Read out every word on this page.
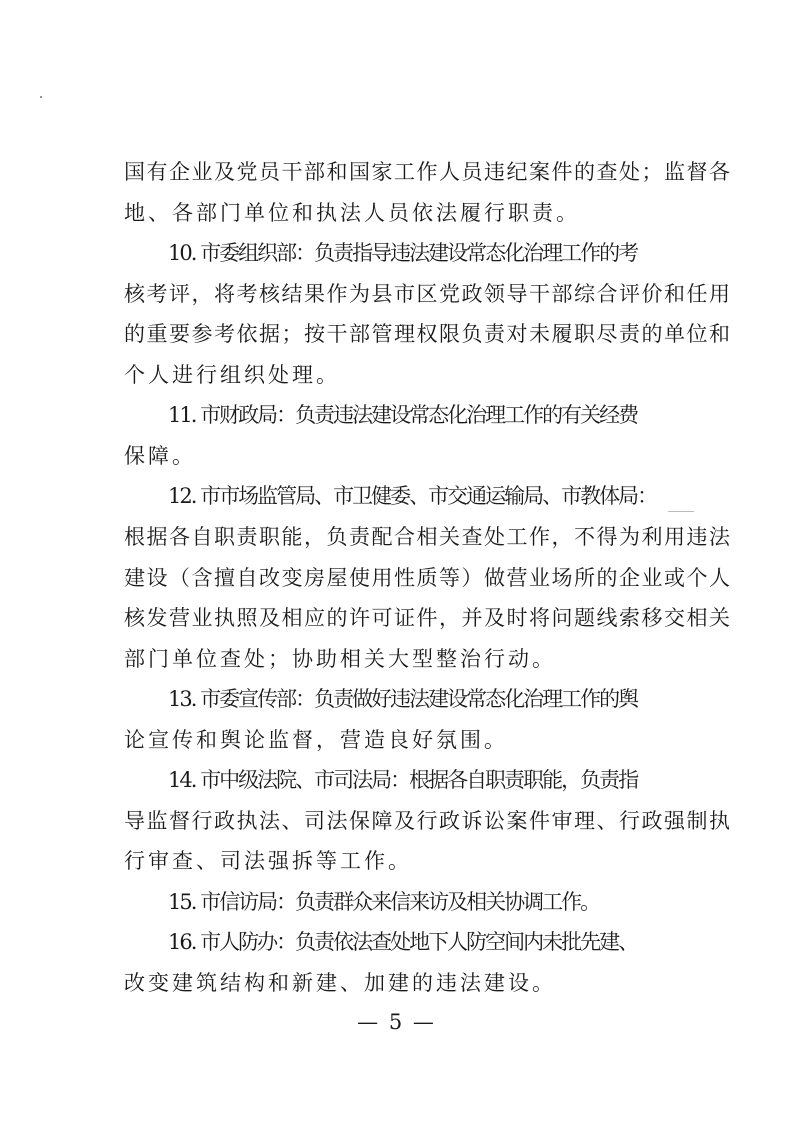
国有企业及党员干部和国家工作人员违纪案件的查处；监督各
地、各部门单位和执法人员依法履行职责。
10. 市委组织部：负责指导违法建设常态化治理工作的考
核考评，将考核结果作为县市区党政领导干部综合评价和任用
的重要参考依据；按干部管理权限负责对未履职尽责的单位和
个人进行组织处理。
11. 市财政局：负责违法建设常态化治理工作的有关经费
保障。
12. 市市场监管局、市卫健委、市交通运输局、市教体局：
根据各自职责职能，负责配合相关查处工作，不得为利用违法
建设（含擅自改变房屋使用性质等）做营业场所的企业或个人
核发营业执照及相应的许可证件，并及时将问题线索移交相关
部门单位查处；协助相关大型整治行动。
13. 市委宣传部：负责做好违法建设常态化治理工作的舆
论宣传和舆论监督，营造良好氛围。
14. 市中级法院、市司法局：根据各自职责职能，负责指
导监督行政执法、司法保障及行政诉讼案件审理、行政强制执
行审查、司法强拆等工作。
15. 市信访局：负责群众来信来访及相关协调工作。
— 5 —
16. 市人防办：负责依法查处地下人防空间内未批先建、
改变建筑结构和新建、加建的违法建设。
